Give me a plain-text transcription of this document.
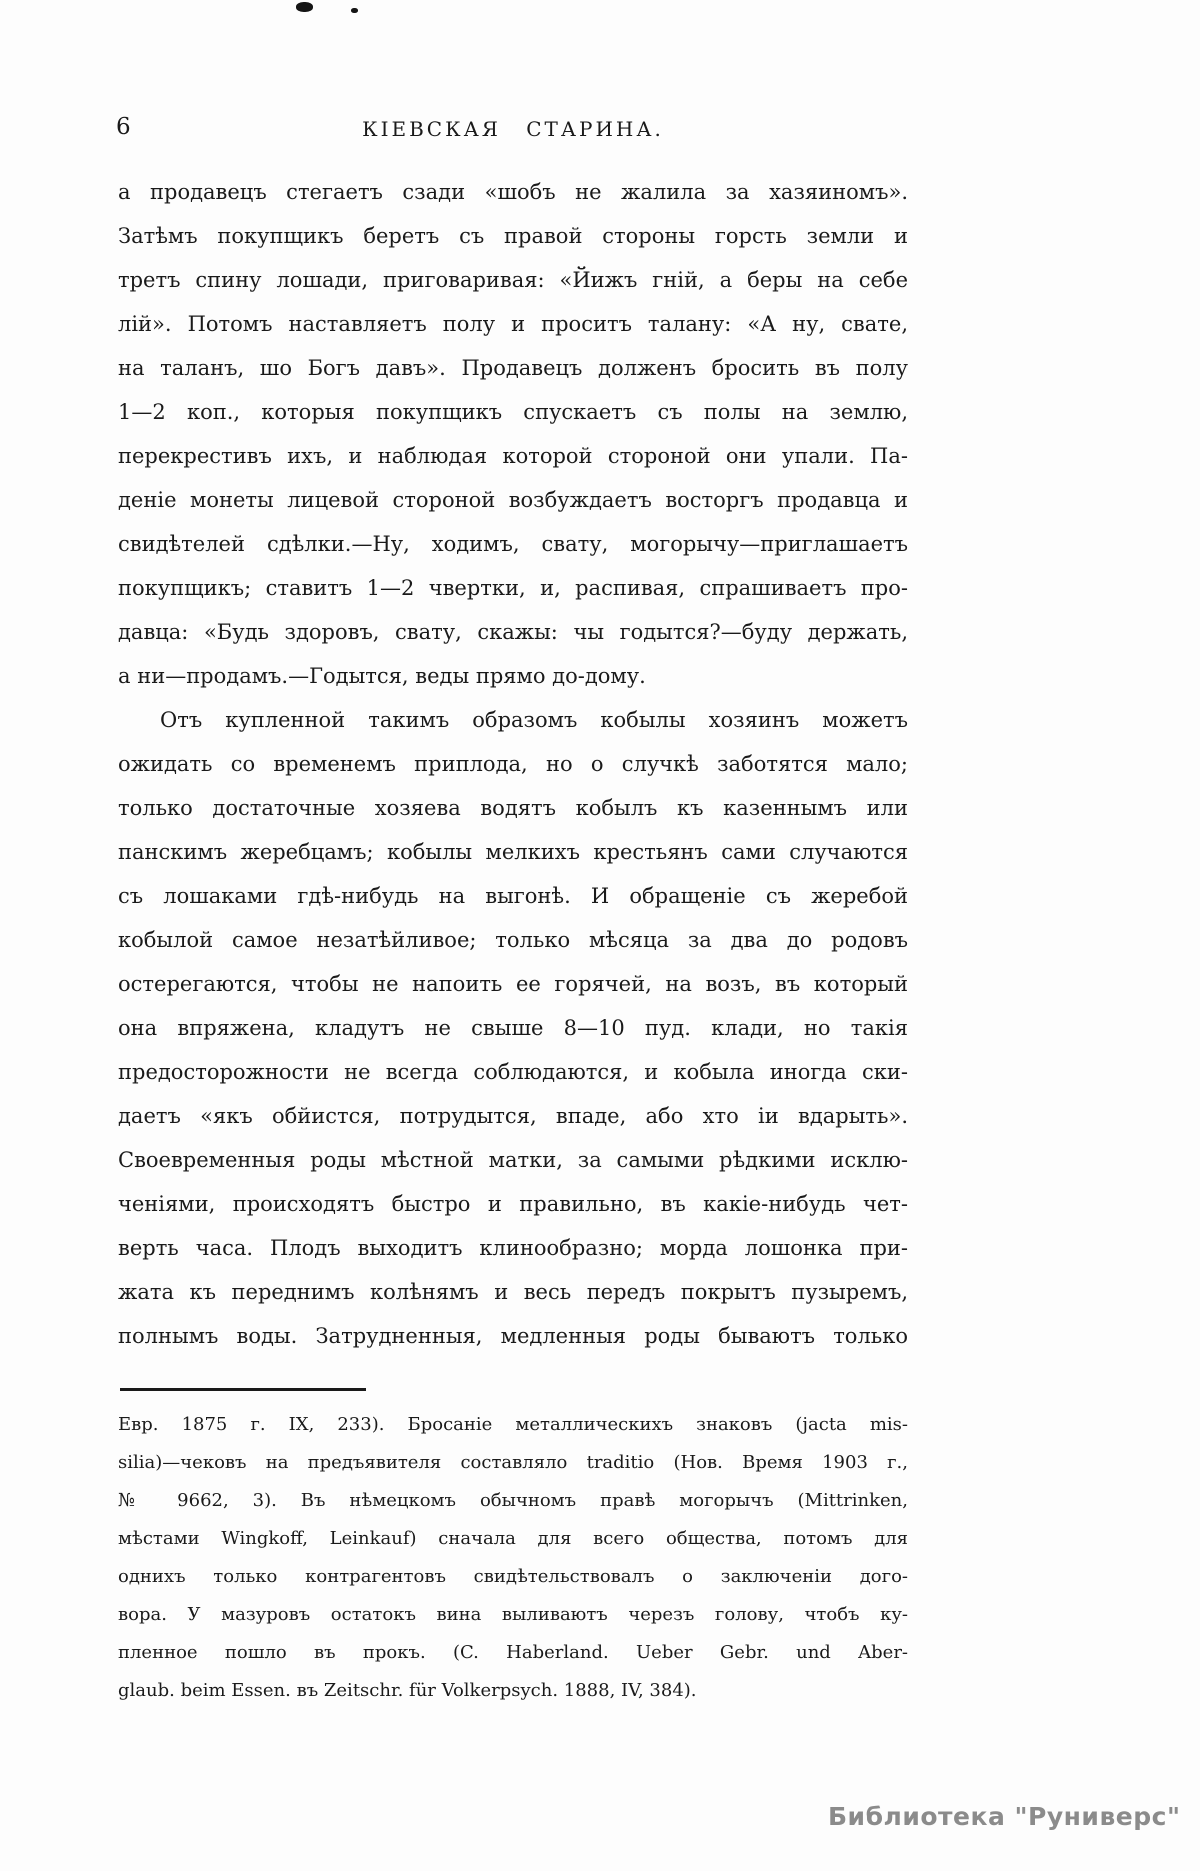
6	КІЕВСКАЯ СТАРИНА.
а продавецъ стегаетъ сзади «шобъ не жалила за хазяиномъ».
Затѣмъ покупщикъ беретъ съ правой стороны горсть земли и
третъ спину лошади, приговаривая: «Йижъ гній, а беры на себе
лій». Потомъ наставляетъ полу и проситъ талану: «А ну, свате,
на таланъ, шо Богъ давъ». Продавецъ долженъ бросить въ полу
1—2 коп., которыя покупщикъ спускаетъ съ полы на землю,
перекрестивъ ихъ, и наблюдая которой стороной они упали. Па-
деніе монеты лицевой стороной возбуждаетъ восторгъ продавца и
свидѣтелей сдѣлки.—Ну, ходимъ, свату, могорычу—приглашаетъ
покупщикъ; ставитъ 1—2 чвертки, и, распивая, спрашиваетъ про-
давца: «Будь здоровъ, свату, скажы: чы годытся?—буду держать,
а ни—продамъ.—Годытся, веды прямо до-дому.
Отъ купленной такимъ образомъ кобылы хозяинъ можетъ
ожидать со временемъ приплода, но о случкѣ заботятся мало;
только достаточные хозяева водятъ кобылъ къ казеннымъ или
панскимъ жеребцамъ; кобылы мелкихъ крестьянъ сами случаются
съ лошаками гдѣ-нибудь на выгонѣ. И обращеніе съ жеребой
кобылой самое незатѣйливое; только мѣсяца за два до родовъ
остерегаются, чтобы не напоить ее горячей, на возъ, въ который
она впряжена, кладутъ не свыше 8—10 пуд. клади, но такія
предосторожности не всегда соблюдаются, и кобыла иногда ски-
даетъ «якъ обйистся, потрудытся, впаде, або хто іи вдарыть».
Своевременныя роды мѣстной матки, за самыми рѣдкими исклю-
ченіями, происходятъ быстро и правильно, въ какіе-нибудь чет-
верть часа. Плодъ выходитъ клинообразно; морда лошонка при-
жата къ переднимъ колѣнямъ и весь передъ покрытъ пузыремъ,
полнымъ воды. Затрудненныя, медленныя роды бываютъ только
Евр. 1875 г. IX, 233). Бросаніе металлическихъ знаковъ (jacta mis-
silia)—чековъ на предъявителя составляло traditio (Нов. Время 1903 г.,
№ 9662, 3). Въ нѣмецкомъ обычномъ правѣ могорычъ (Mittrinken,
мѣстами Wingkoff, Leinkauf) сначала для всего общества, потомъ для
однихъ только контрагентовъ свидѣтельствовалъ о заключеніи дого-
вора. У мазуровъ остатокъ вина выливаютъ черезъ голову, чтобъ ку-
пленное пошло въ прокъ. (C. Haberland. Ueber Gebr. und Aber-
glaub. beim Essen. въ Zeitschr. für Volkerpsych. 1888, IV, 384).
Библиотека "Руниверс"
